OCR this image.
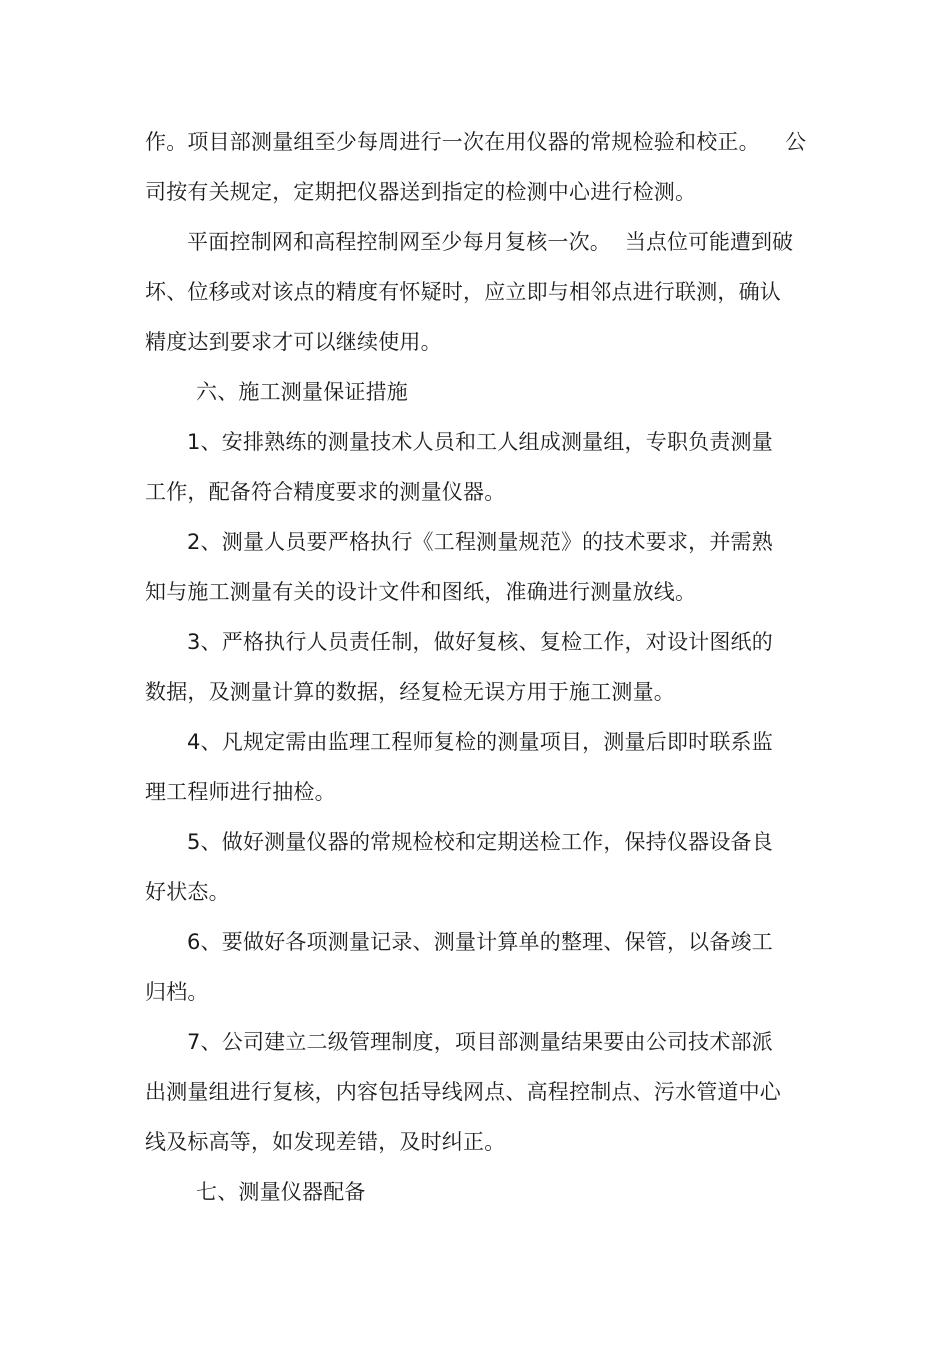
作。项目部测量组至少每周进行一次在用仪器的常规检验和校正。 公
司按有关规定，定期把仪器送到指定的检测中心进行检测。
平面控制网和高程控制网至少每月复核一次。 当点位可能遭到破
坏、位移或对该点的精度有怀疑时，应立即与相邻点进行联测，确认
精度达到要求才可以继续使用。
六、施工测量保证措施
1、安排熟练的测量技术人员和工人组成测量组，专职负责测量
工作，配备符合精度要求的测量仪器。
2、测量人员要严格执行《工程测量规范》的技术要求，并需熟
知与施工测量有关的设计文件和图纸，准确进行测量放线。
3、严格执行人员责任制，做好复核、复检工作，对设计图纸的
数据，及测量计算的数据，经复检无误方用于施工测量。
4、凡规定需由监理工程师复检的测量项目，测量后即时联系监
理工程师进行抽检。
5、做好测量仪器的常规检校和定期送检工作，保持仪器设备良
好状态。
6、要做好各项测量记录、测量计算单的整理、保管，以备竣工
归档。
7、公司建立二级管理制度，项目部测量结果要由公司技术部派
出测量组进行复核，内容包括导线网点、高程控制点、污水管道中心
线及标高等，如发现差错，及时纠正。
七、测量仪器配备
